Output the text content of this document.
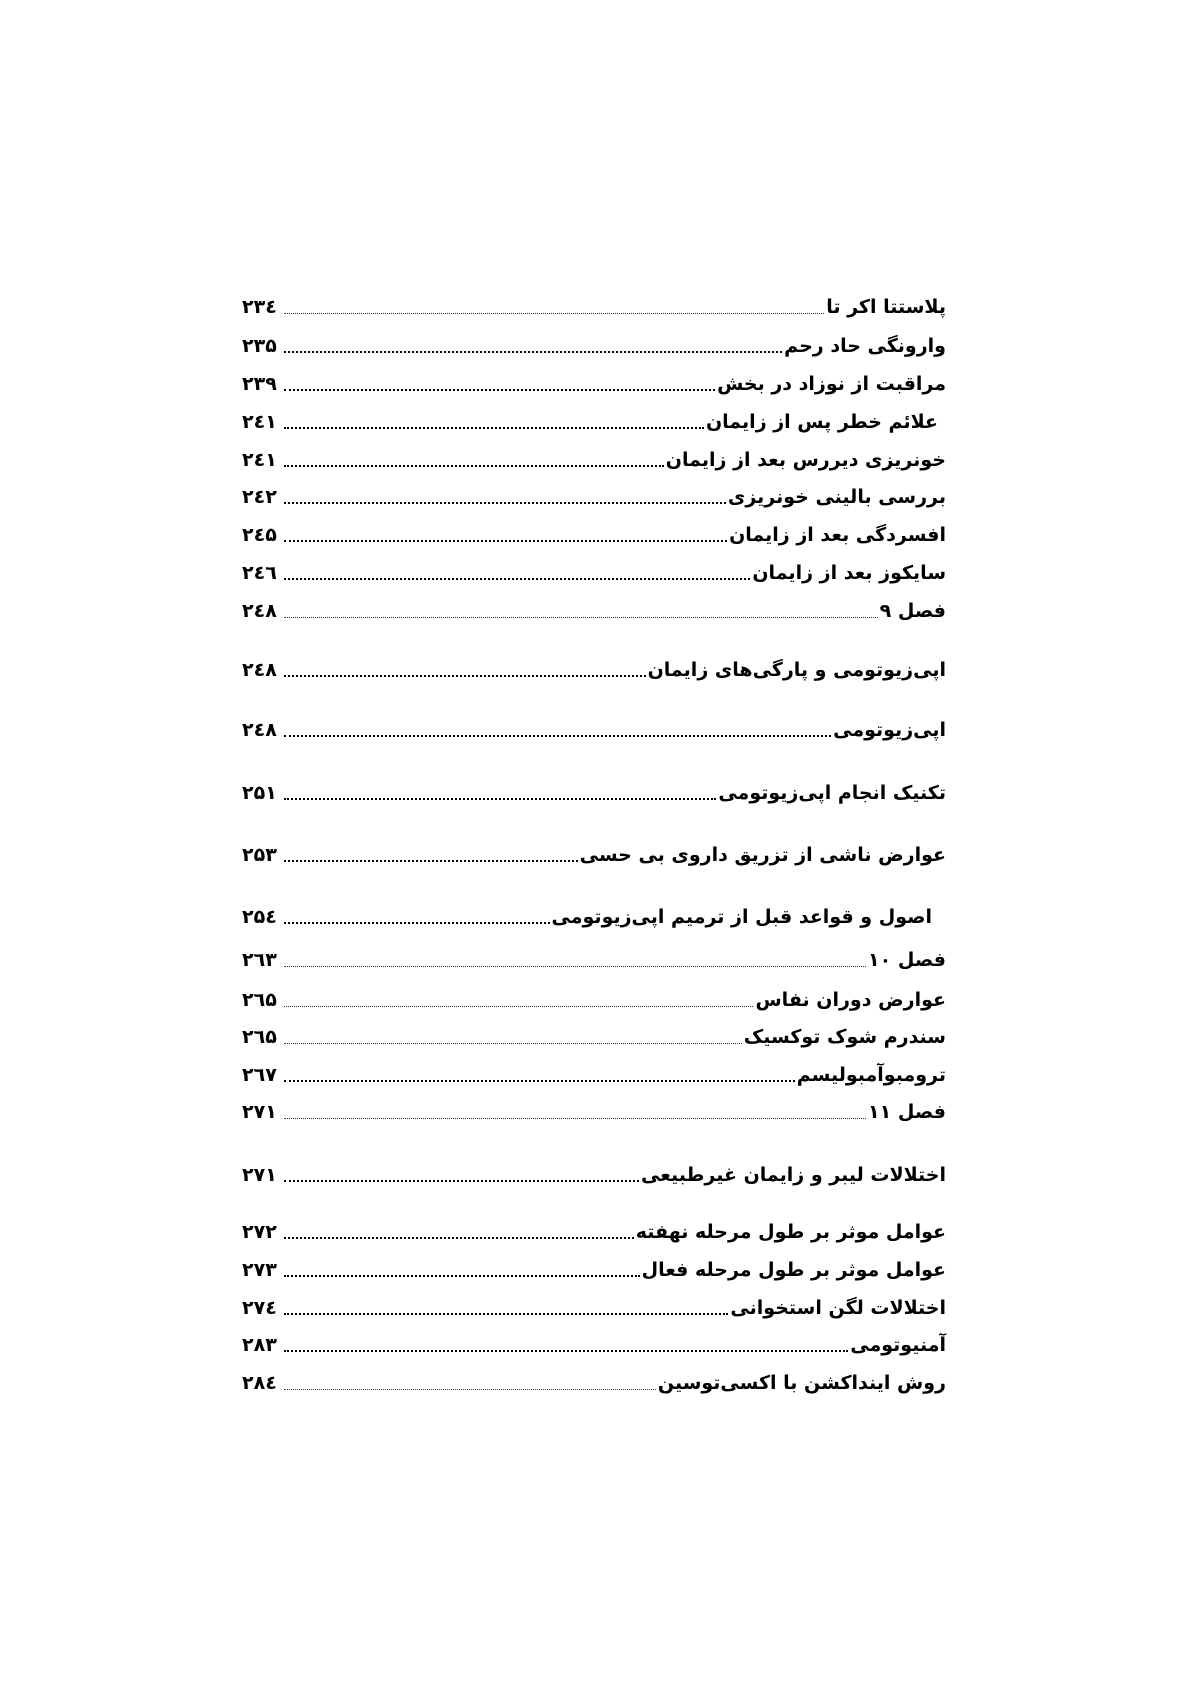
پلاستتا اکر تا
۲۳٤
وارونگی حاد رحم
۲۳۵
مراقبت از نوزاد در بخش
۲۳۹
علائم خطر پس از زایمان
۲٤۱
خونریزی دیررس بعد از زایمان
۲٤۱
بررسی بالینی خونریزی
۲٤۲
افسردگی بعد از زایمان
۲٤۵
سایکوز بعد از زایمان
۲٤٦
فصل ۹
۲٤۸
اپی‌زیوتومی و پارگی‌های زایمان
۲٤۸
اپی‌زیوتومی
۲٤۸
تکنیک انجام اپی‌زیوتومی
۲۵۱
عوارض ناشی از تزریق داروی بی حسی
۲۵۳
اصول و قواعد قبل از ترمیم اپی‌زیوتومی
۲۵٤
فصل ۱۰
۲٦۳
عوارض دوران نفاس
۲٦۵
سندرم شوک توکسیک
۲٦۵
ترومبوآمبولیسم
۲٦۷
فصل ۱۱
۲۷۱
اختلالات لیبر و زایمان غیرطبیعی
۲۷۱
عوامل موثر بر طول مرحله نهفته
۲۷۲
عوامل موثر بر طول مرحله فعال
۲۷۳
اختلالات لگن استخوانی
۲۷٤
آمنیوتومی
۲۸۳
روش ایندا‌کشن با اکسی‌توسین
۲۸٤
